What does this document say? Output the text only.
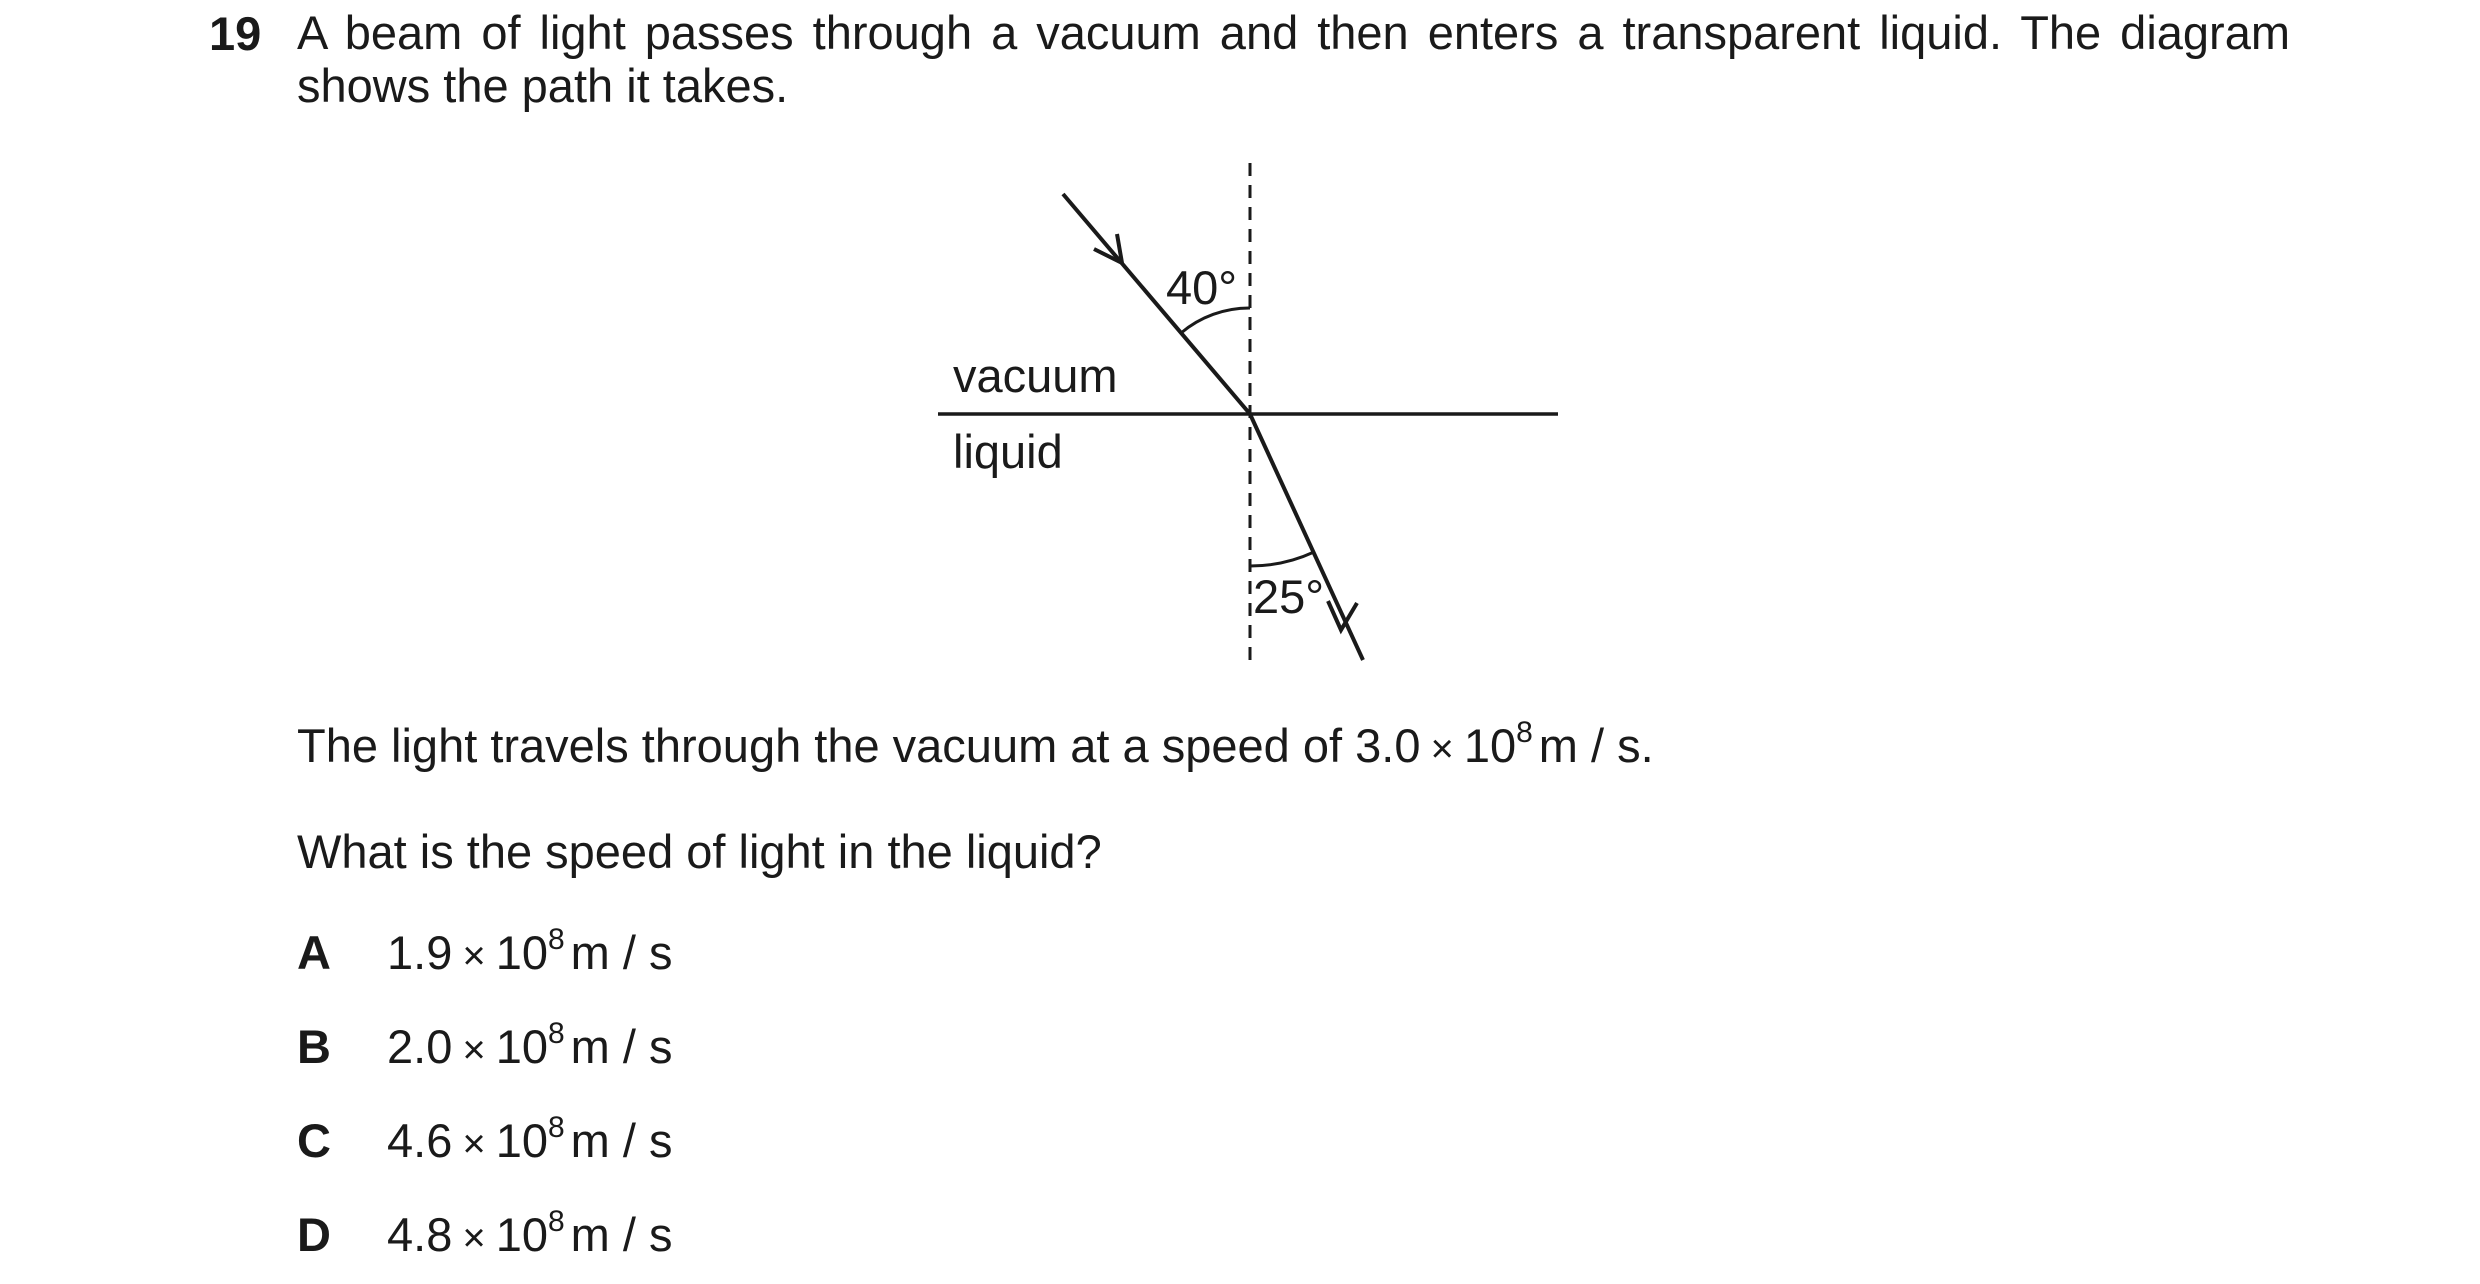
19 A beam of light passes through a vacuum and then enters a transparent liquid. The diagram shows the path it takes.
vacuum
liquid
40°
25°
The light travels through the vacuum at a speed of $3.0 \times 10^8$ m / s.
What is the speed of light in the liquid?
A $1.9 \times 10^8$ m / s
B $2.0 \times 10^8$ m / s
C $4.6 \times 10^8$ m / s
D $4.8 \times 10^8$ m / s
